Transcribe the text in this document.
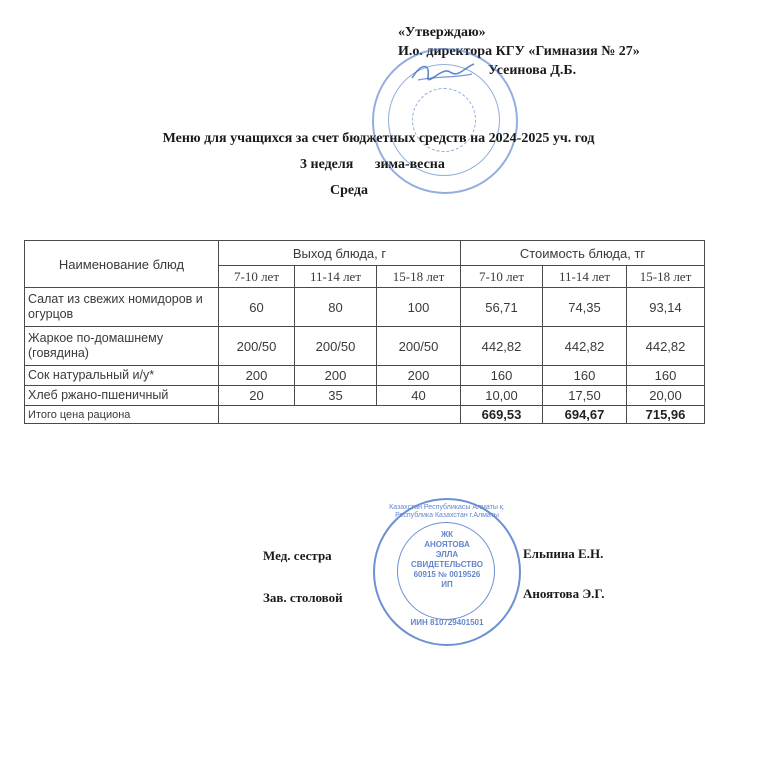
«Утверждаю»
И.о. директора КГУ «Гимназия № 27»
Усеинова Д.Б.
Меню для учащихся за счет бюджетных средств на 2024-2025 уч. год
3 неделя зима-весна
Среда
Наименование блюд	Выход блюда, г			Стоимость блюда, тг		
	7-10 лет	11-14 лет	15-18 лет	7-10 лет	11-14 лет	15-18 лет
Салат из свежих номидоров и огурцов	60	80	100	56,71	74,35	93,14
Жаркое по-домашнему (говядина)	200/50	200/50	200/50	442,82	442,82	442,82
Сок натуральный и/у*	200	200	200	160	160	160
Хлеб ржано-пшеничный	20	35	40	10,00	17,50	20,00
Итого цена рациона				669,53	694,67	715,96
Казахстан Республикасы Алматы қ. Республика Казахстан г.Алматы
ЖК
АНОЯТОВА
ЭЛЛА
СВИДЕТЕЛЬСТВО
60915 № 0019526
ИП
ИИН 810729401501
Мед. сестра	Ельпина Е.Н.
Зав. столовой	Аноятова Э.Г.
